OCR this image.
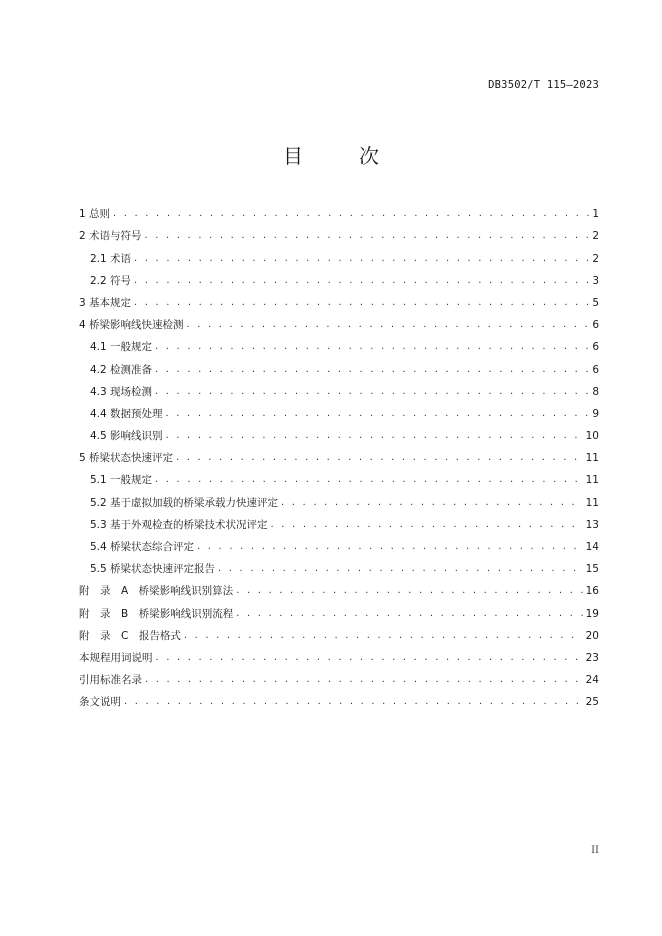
DB3502/T 115—2023
目	次
1 总则 . . .	1
2 术语与符号 . . .	2
2.1 术语 . . .	2
2.2 符号 . . .	3
3 基本规定 . . .	5
4 桥梁影响线快速检测 . . .	6
4.1 一般规定 . . .	6
4.2 检测准备 . . .	6
4.3 现场检测 . . .	8
4.4 数据预处理 . . .	9
4.5 影响线识别 . . .	10
5 桥梁状态快速评定 . . .	11
5.1 一般规定 . . .	11
5.2 基于虚拟加载的桥梁承载力快速评定 . . .	11
5.3 基于外观检查的桥梁技术状况评定 . . .	13
5.4 桥梁状态综合评定 . . .	14
5.5 桥梁状态快速评定报告 . . .	15
附　录　A　桥梁影响线识别算法 . . .	16
附　录　B　桥梁影响线识别流程 . . .	19
附　录　C　报告格式 . . .	20
本规程用词说明 . . .	23
引用标准名录 . . .	24
条文说明 . . .	25
II
